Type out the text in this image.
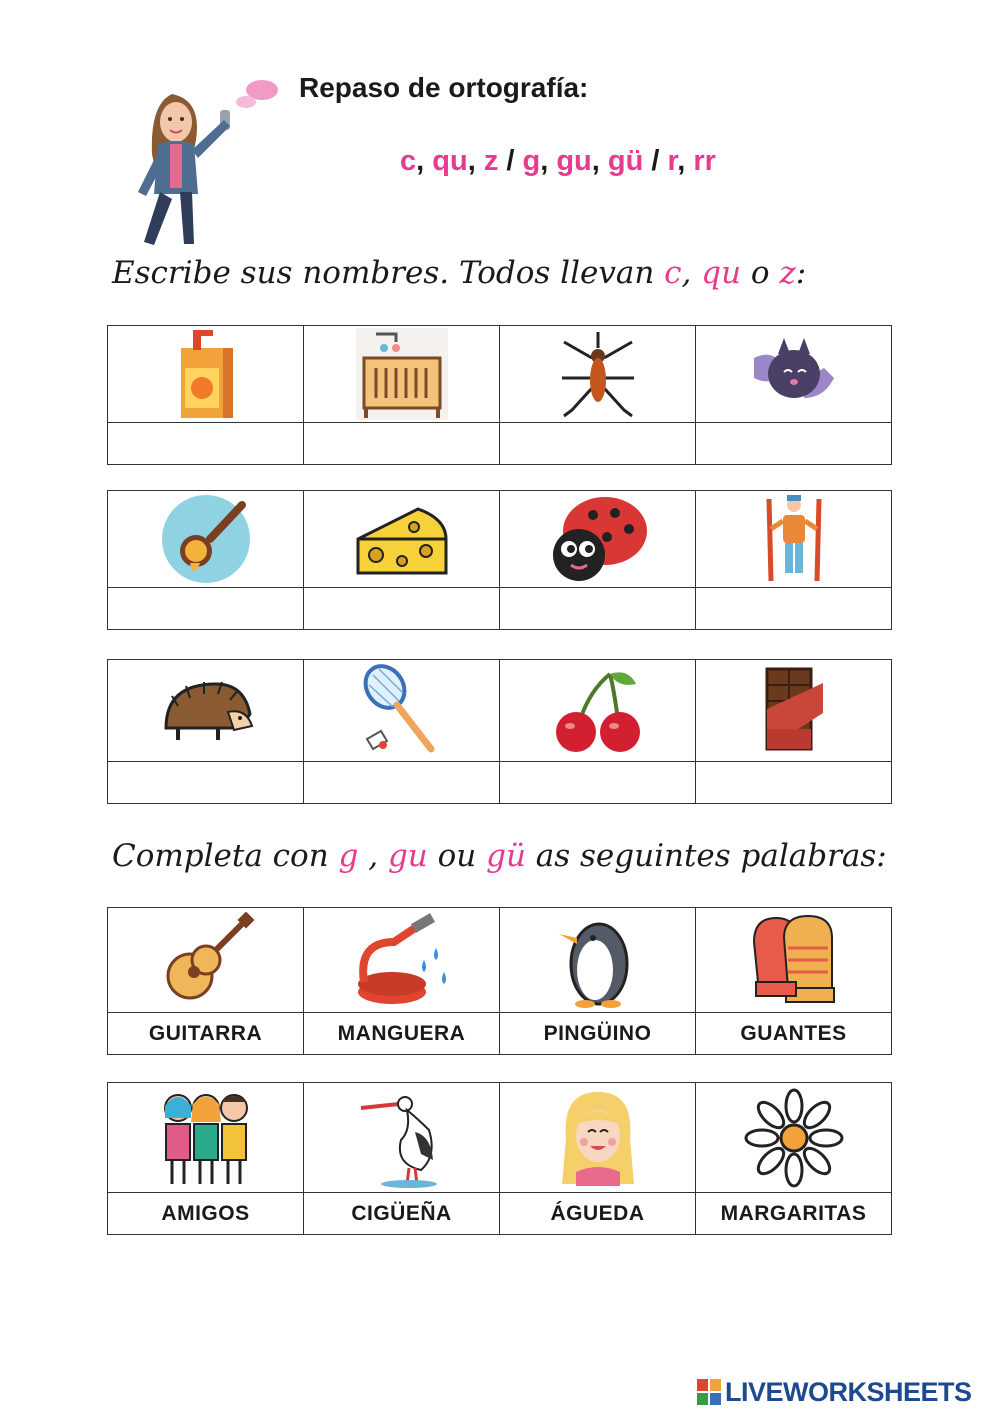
Repaso de ortografía:
c, qu, z / g, gu, gü / r, rr
Escribe sus nombres. Todos llevan c, qu o z:

Completa con g , gu ou gü as seguintes palabras:

GUITARRA	MANGUERA	PINGÜINO	GUANTES

AMIGOS	CIGÜEÑA	ÁGUEDA	MARGARITAS
LIVEWORKSHEETS
